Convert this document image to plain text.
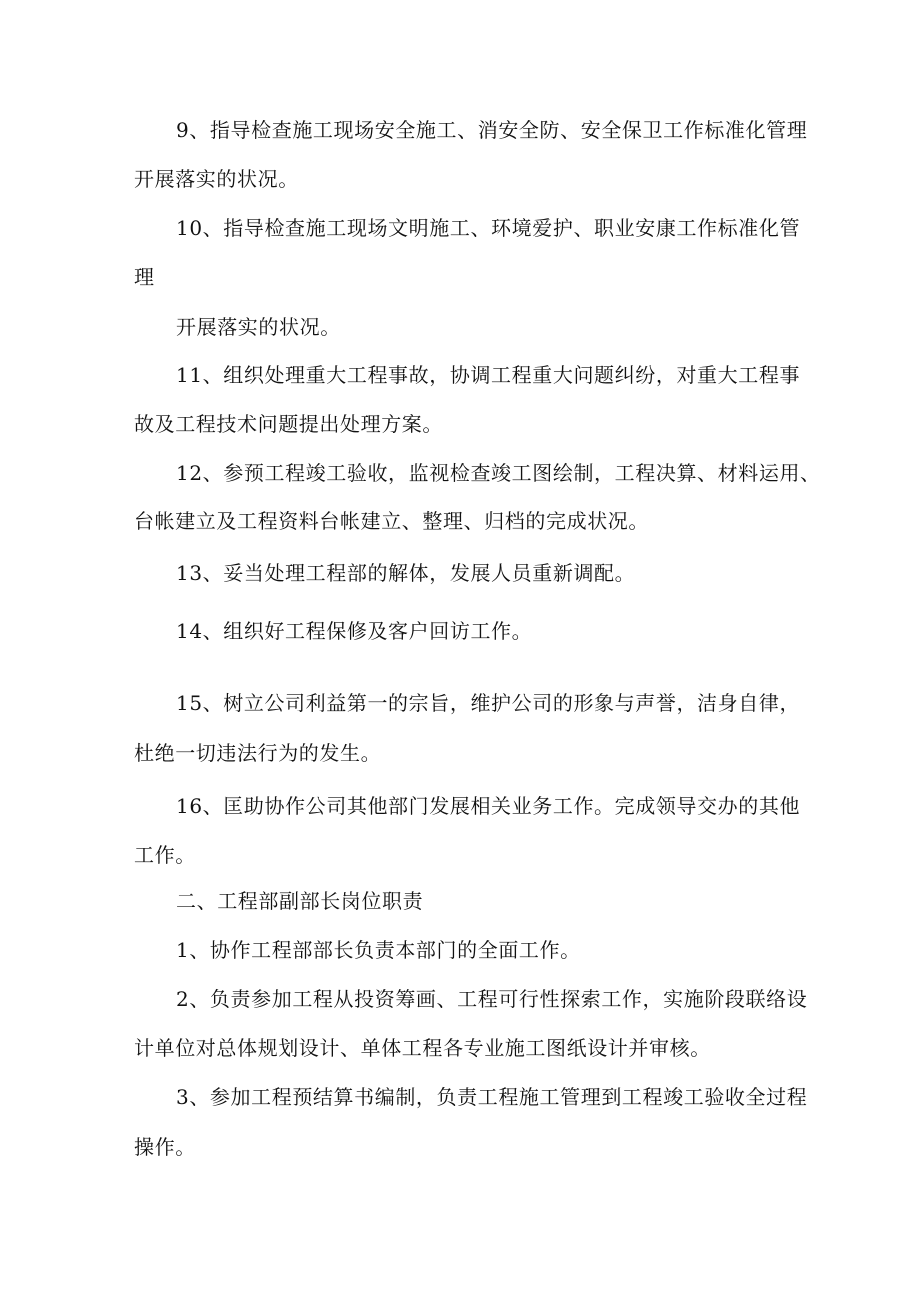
9、指导检查施工现场安全施工、消安全防、安全保卫工作标准化管理
开展落实的状况。
10、指导检查施工现场文明施工、环境爱护、职业安康工作标准化管
理
开展落实的状况。
11、组织处理重大工程事故，协调工程重大问题纠纷，对重大工程事
故及工程技术问题提出处理方案。
12、参预工程竣工验收，监视检查竣工图绘制，工程决算、材料运用、
台帐建立及工程资料台帐建立、整理、归档的完成状况。
13、妥当处理工程部的解体，发展人员重新调配。
14、组织好工程保修及客户回访工作。
15、树立公司利益第一的宗旨，维护公司的形象与声誉，洁身自律，
杜绝一切违法行为的发生。
16、匡助协作公司其他部门发展相关业务工作。完成领导交办的其他
工作。
二、工程部副部长岗位职责
1、协作工程部部长负责本部门的全面工作。
2、负责参加工程从投资筹画、工程可行性探索工作，实施阶段联络设
计单位对总体规划设计、单体工程各专业施工图纸设计并审核。
3、参加工程预结算书编制，负责工程施工管理到工程竣工验收全过程
操作。
